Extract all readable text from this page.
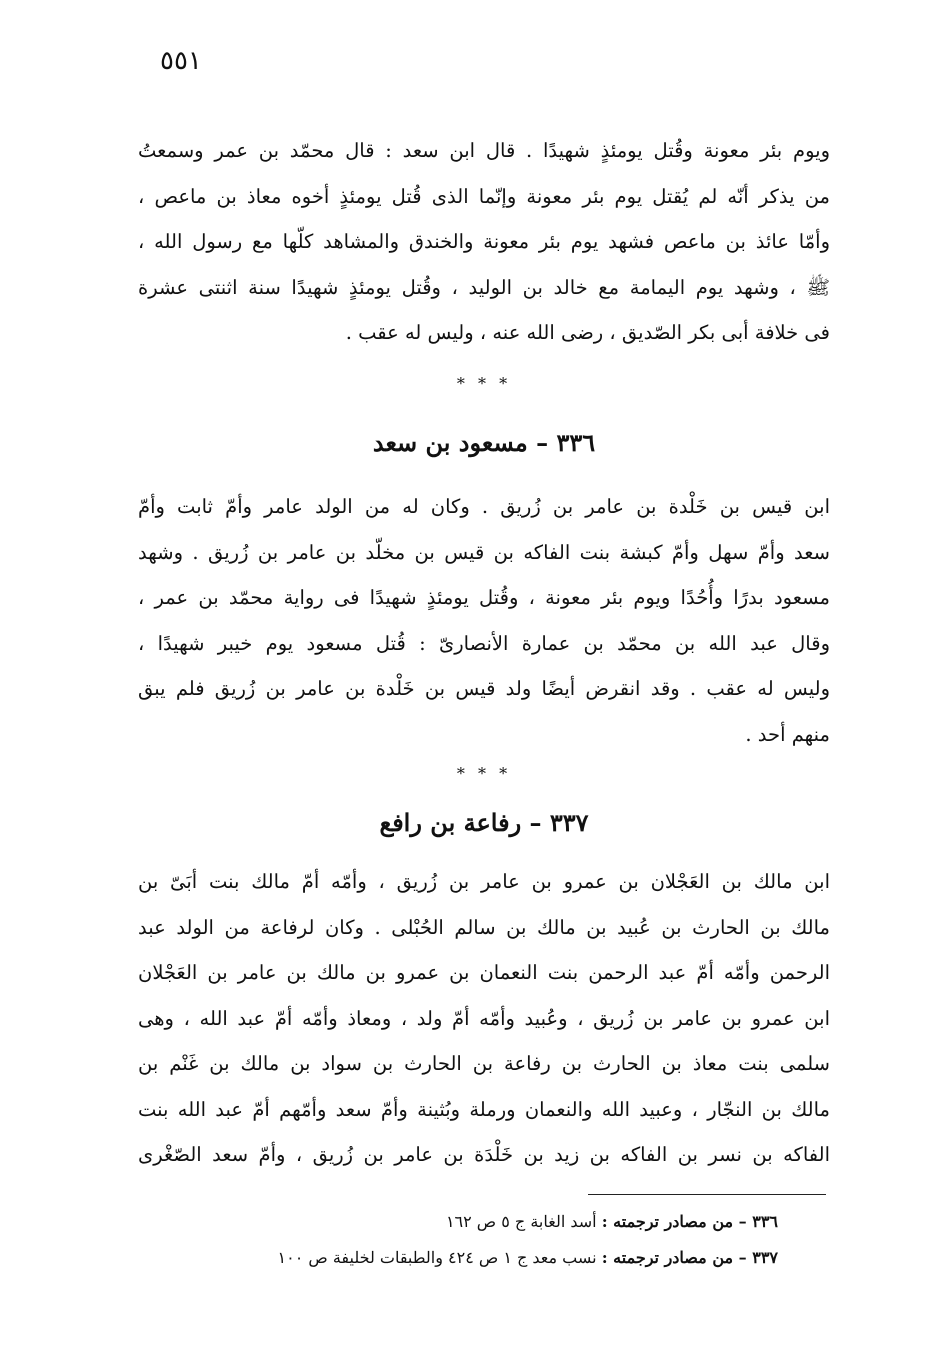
٥٥١
ويوم بئر معونة وقُتل يومئذٍ شهيدًا . قال ابن سعد : قال محمّد بن عمر وسمعتُ
من يذكر أنّه لم يُقتل يوم بئر معونة وإنّما الذى قُتل يومئذٍ أخوه معاذ بن ماعص ،
وأمّا عائذ بن ماعص فشهد يوم بئر معونة والخندق والمشاهد كلّها مع رسول الله ،
ﷺ ، وشهد يوم اليمامة مع خالد بن الوليد ، وقُتل يومئذٍ شهيدًا سنة اثنتى عشرة
فى خلافة أبى بكر الصّديق ، رضى الله عنه ، وليس له عقب .
* * *
٣٣٦ – مسعود بن سعد
ابن قيس بن خَلْدة بن عامر بن زُريق . وكان له من الولد عامر وأمّ ثابت وأمّ
سعد وأمّ سهل وأمّ كبشة بنت الفاكه بن قيس بن مخلّد بن عامر بن زُريق . وشهد
مسعود بدرًا وأُحُدًا ويوم بئر معونة ، وقُتل يومئذٍ شهيدًا فى رواية محمّد بن عمر ،
وقال عبد الله بن محمّد بن عمارة الأنصارىّ : قُتل مسعود يوم خيبر شهيدًا ،
وليس له عقب . وقد انقرض أيضًا ولد قيس بن خَلْدة بن عامر بن زُريق فلم يبق
منهم أحد .
* * *
٣٣٧ – رفاعة بن رافع
ابن مالك بن العَجْلان بن عمرو بن عامر بن زُريق ، وأمّه أمّ مالك بنت أبَىّ بن
مالك بن الحارث بن عُبيد بن مالك بن سالم الحُبْلى . وكان لرفاعة من الولد عبد
الرحمن وأمّه أمّ عبد الرحمن بنت النعمان بن عمرو بن مالك بن عامر بن العَجْلان
ابن عمرو بن عامر بن زُريق ، وعُبيد وأمّه أمّ ولد ، ومعاذ وأمّه أمّ عبد الله ، وهى
سلمى بنت معاذ بن الحارث بن رفاعة بن الحارث بن سواد بن مالك بن غَنْم بن
مالك بن النجّار ، وعبيد الله والنعمان ورملة وبُثينة وأمّ سعد وأمّهم أمّ عبد الله بنت
الفاكه بن نسر بن الفاكه بن زيد بن خَلْدَة بن عامر بن زُريق ، وأمّ سعد الصّغْرى
٣٣٦ – من مصادر ترجمته : أسد الغابة ج ٥ ص ١٦٢
٣٣٧ – من مصادر ترجمته : نسب معد ج ١ ص ٤٢٤ والطبقات لخليفة ص ١٠٠
